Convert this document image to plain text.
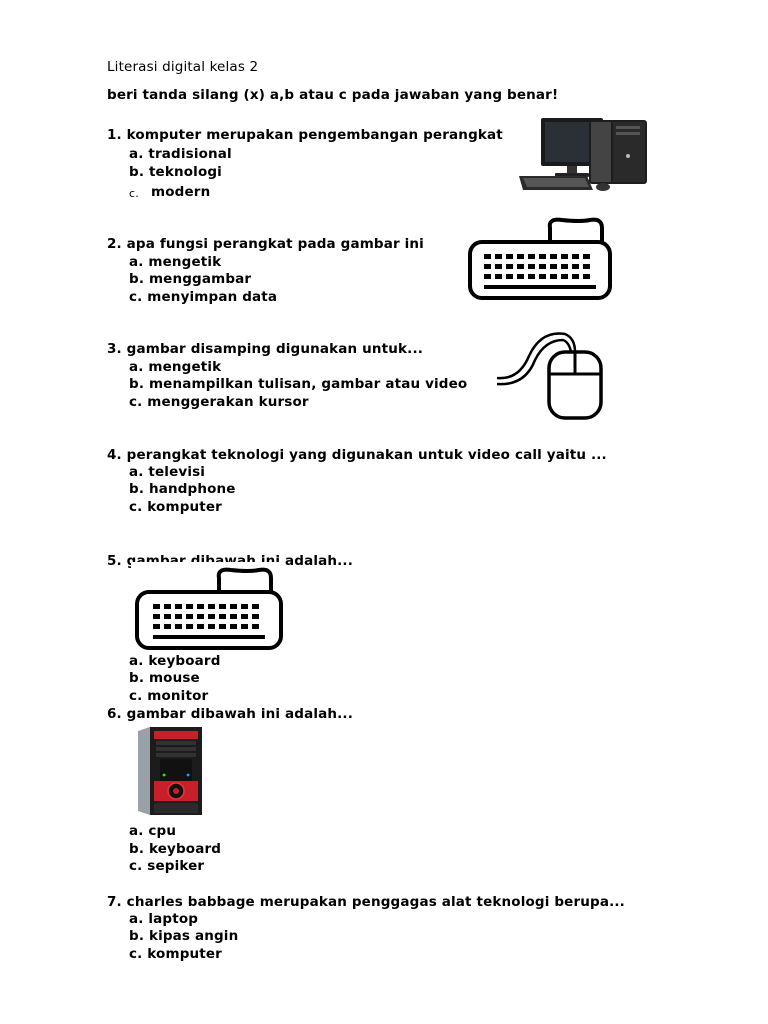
Literasi digital kelas 2
beri tanda silang (x) a,b atau c pada jawaban yang benar!
1. komputer merupakan pengembangan perangkat
a. tradisional
b. teknologi
c. modern
2. apa fungsi perangkat pada gambar ini
a. mengetik
b. menggambar
c. menyimpan data
3. gambar disamping digunakan untuk...
a. mengetik
b. menampilkan tulisan, gambar atau video
c. menggerakan kursor
4. perangkat teknologi yang digunakan untuk video call yaitu ...
a. televisi
b. handphone
c. komputer
5. gambar dibawah ini adalah...
a. keyboard
b. mouse
c. monitor
6. gambar dibawah ini adalah...
a. cpu
b. keyboard
c. sepiker
7. charles babbage merupakan penggagas alat teknologi berupa...
a. laptop
b. kipas angin
c. komputer
